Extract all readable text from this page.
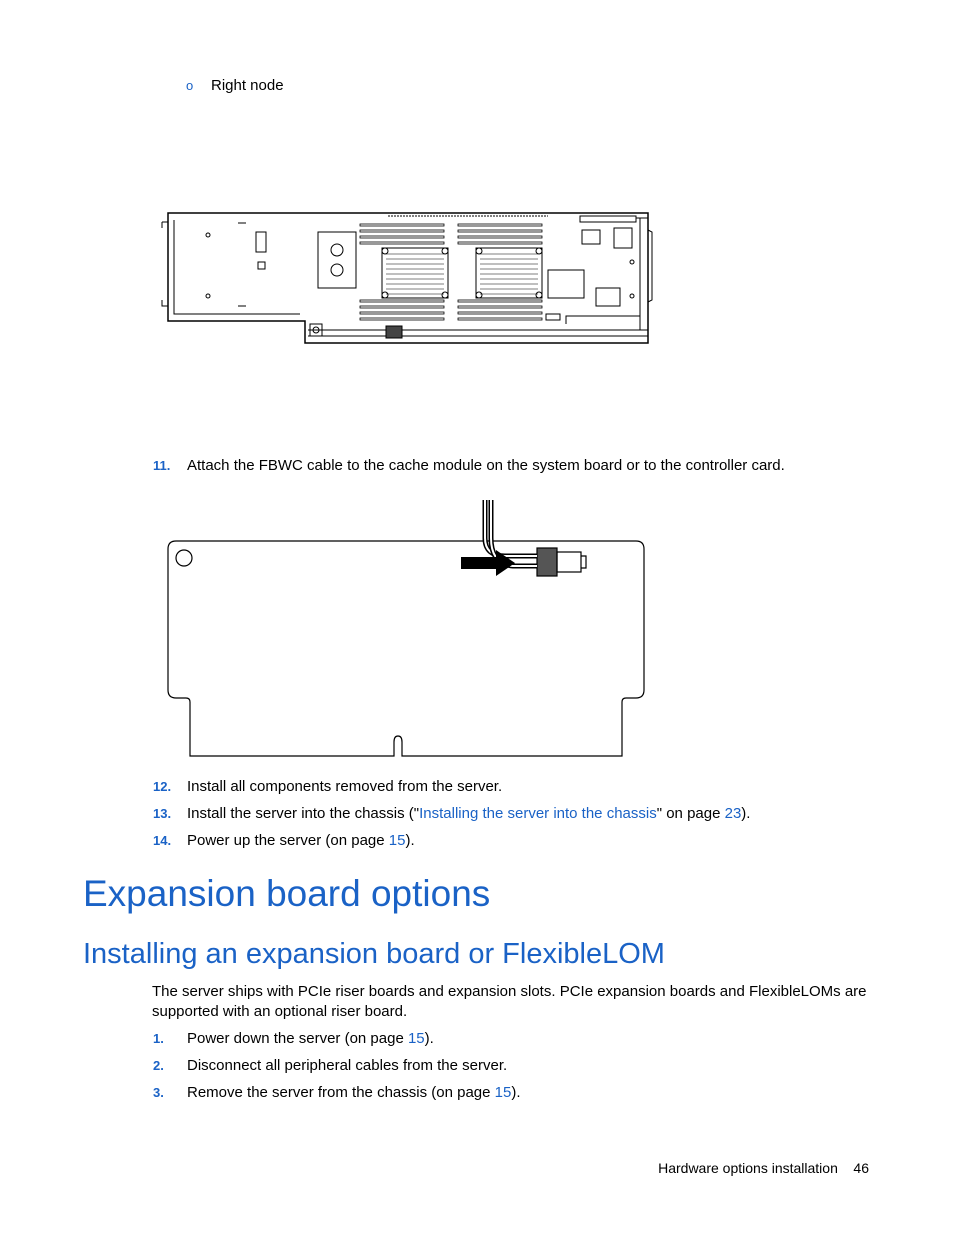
o Right node
11. Attach the FBWC cable to the cache module on the system board or to the controller card.
12. Install all components removed from the server.
13. Install the server into the chassis ("Installing the server into the chassis" on page 23).
14. Power up the server (on page 15).
Expansion board options
Installing an expansion board or FlexibleLOM
The server ships with PCIe riser boards and expansion slots. PCIe expansion boards and FlexibleLOMs are supported with an optional riser board.
1. Power down the server (on page 15).
2. Disconnect all peripheral cables from the server.
3. Remove the server from the chassis (on page 15).
Hardware options installation 46
